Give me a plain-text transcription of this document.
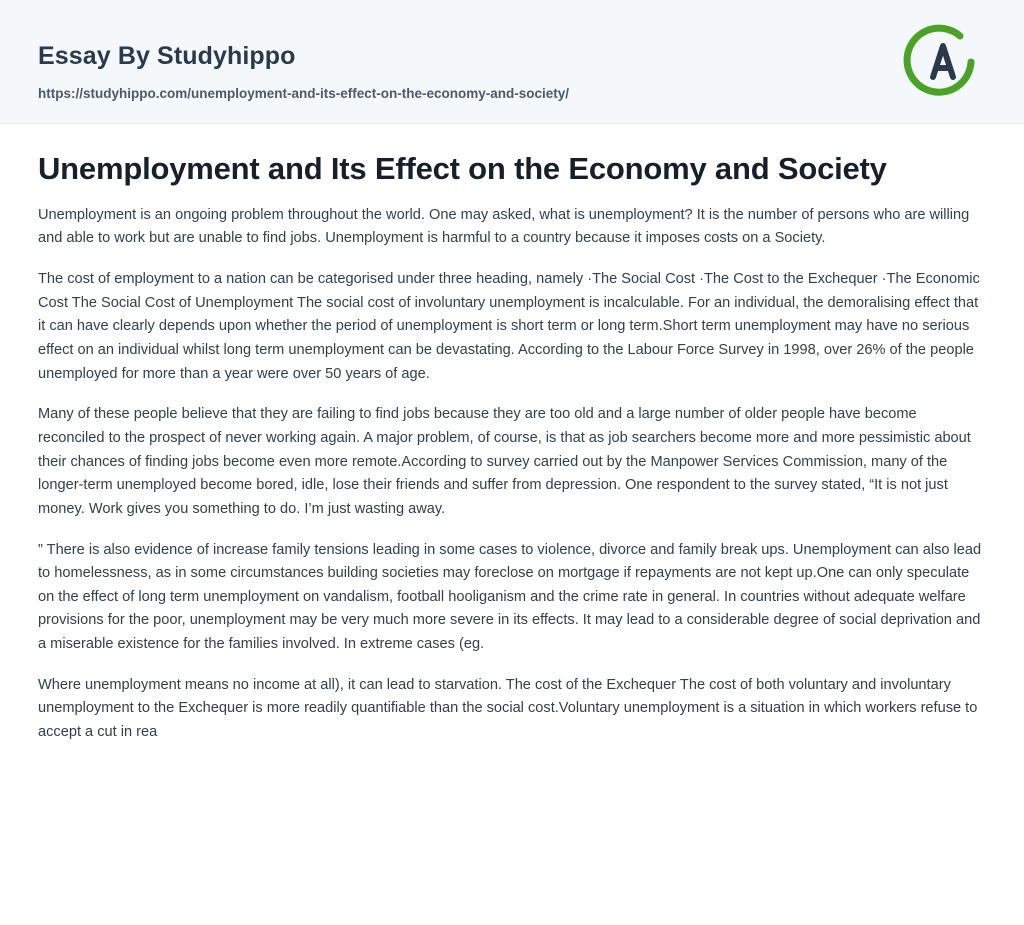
Essay By Studyhippo
https://studyhippo.com/unemployment-and-its-effect-on-the-economy-and-society/
Unemployment and Its Effect on the Economy and Society

Unemployment is an ongoing problem throughout the world. One may asked, what is unemployment? It is the number of persons who are willing and able to work but are unable to find jobs. Unemployment is harmful to a country because it imposes costs on a Society.

The cost of employment to a nation can be categorised under three heading, namely ·The Social Cost ·The Cost to the Exchequer ·The Economic Cost The Social Cost of Unemployment The social cost of involuntary unemployment is incalculable. For an individual, the demoralising effect that it can have clearly depends upon whether the period of unemployment is short term or long term.Short term unemployment may have no serious effect on an individual whilst long term unemployment can be devastating. According to the Labour Force Survey in 1998, over 26% of the people unemployed for more than a year were over 50 years of age.

Many of these people believe that they are failing to find jobs because they are too old and a large number of older people have become reconciled to the prospect of never working again. A major problem, of course, is that as job searchers become more and more pessimistic about their chances of finding jobs become even more remote.According to survey carried out by the Manpower Services Commission, many of the longer-term unemployed become bored, idle, lose their friends and suffer from depression. One respondent to the survey stated, “It is not just money. Work gives you something to do. I’m just wasting away.

” There is also evidence of increase family tensions leading in some cases to violence, divorce and family break ups. Unemployment can also lead to homelessness, as in some circumstances building societies may foreclose on mortgage if repayments are not kept up.One can only speculate on the effect of long term unemployment on vandalism, football hooliganism and the crime rate in general. In countries without adequate welfare provisions for the poor, unemployment may be very much more severe in its effects. It may lead to a considerable degree of social deprivation and a miserable existence for the families involved. In extreme cases (eg.

Where unemployment means no income at all), it can lead to starvation. The cost of the Exchequer The cost of both voluntary and involuntary unemployment to the Exchequer is more readily quantifiable than the social cost.Voluntary unemployment is a situation in which workers refuse to accept a cut in rea
